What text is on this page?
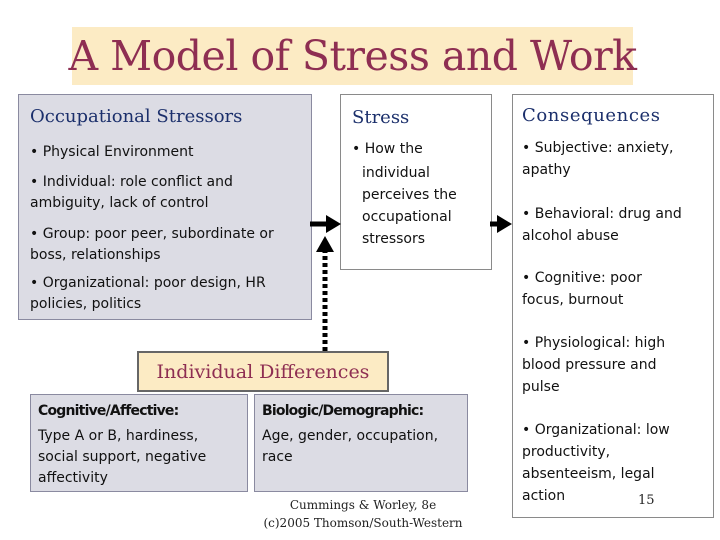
A Model of Stress and Work
Occupational Stressors
• Physical Environment
• Individual: role conflict and ambiguity, lack of control
• Group: poor peer, subordinate or boss, relationships
• Organizational: poor design, HR policies, politics
Stress
• How the
individual perceives the occupational stressors
Consequences
• Subjective: anxiety, apathy
• Behavioral: drug and alcohol abuse
• Cognitive: poor focus, burnout
• Physiological: high blood pressure and pulse
• Organizational: low productivity, absenteeism, legal action
Individual Differences
Cognitive/Affective:
Type A or B, hardiness, social support, negative affectivity
Biologic/Demographic:
Age, gender, occupation, race
Cummings & Worley, 8e
(c)2005 Thomson/South-Western
15
